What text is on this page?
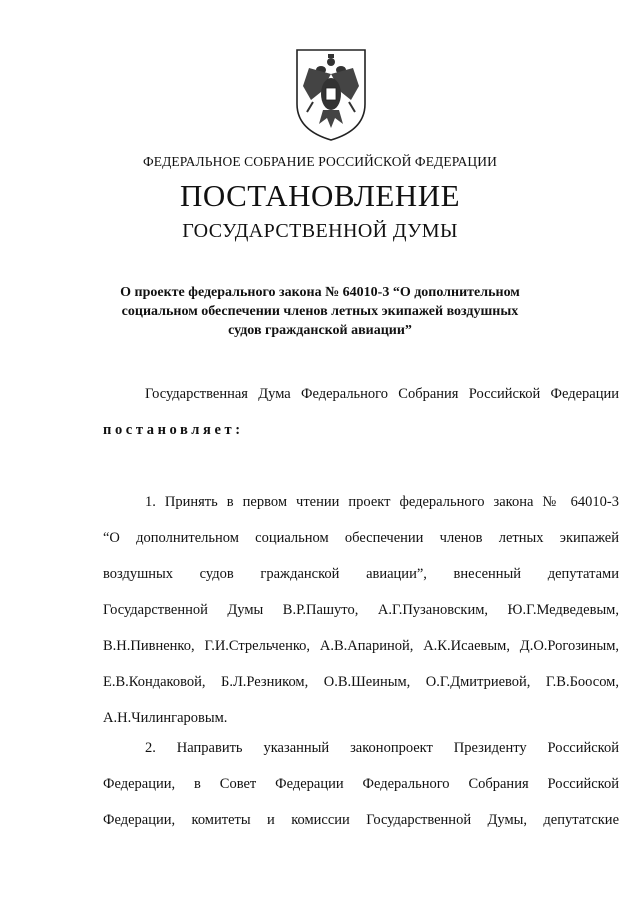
ФЕДЕРАЛЬНОЕ СОБРАНИЕ РОССИЙСКОЙ ФЕДЕРАЦИИ
ПОСТАНОВЛЕНИЕ
ГОСУДАРСТВЕННОЙ ДУМЫ
О проекте федерального закона № 64010-3 “О дополнительном
социальном обеспечении членов летных экипажей воздушных
судов гражданской авиации”
Государственная Дума Федерального Собрания Российской Федерации
постановляет:
1. Принять в первом чтении проект федерального закона № 64010-3
“О дополнительном социальном обеспечении членов летных экипажей
воздушных судов гражданской авиации”, внесенный депутатами
Государственной Думы В.Р.Пашуто, А.Г.Пузановским, Ю.Г.Медведевым,
В.Н.Пивненко, Г.И.Стрельченко, А.В.Апариной, А.К.Исаевым, Д.О.Рогозиным,
Е.В.Кондаковой, Б.Л.Резником, О.В.Шеиным, О.Г.Дмитриевой, Г.В.Боосом,
А.Н.Чилингаровым.
2. Направить указанный законопроект Президенту Российской
Федерации, в Совет Федерации Федерального Собрания Российской
Федерации, комитеты и комиссии Государственной Думы, депутатские
